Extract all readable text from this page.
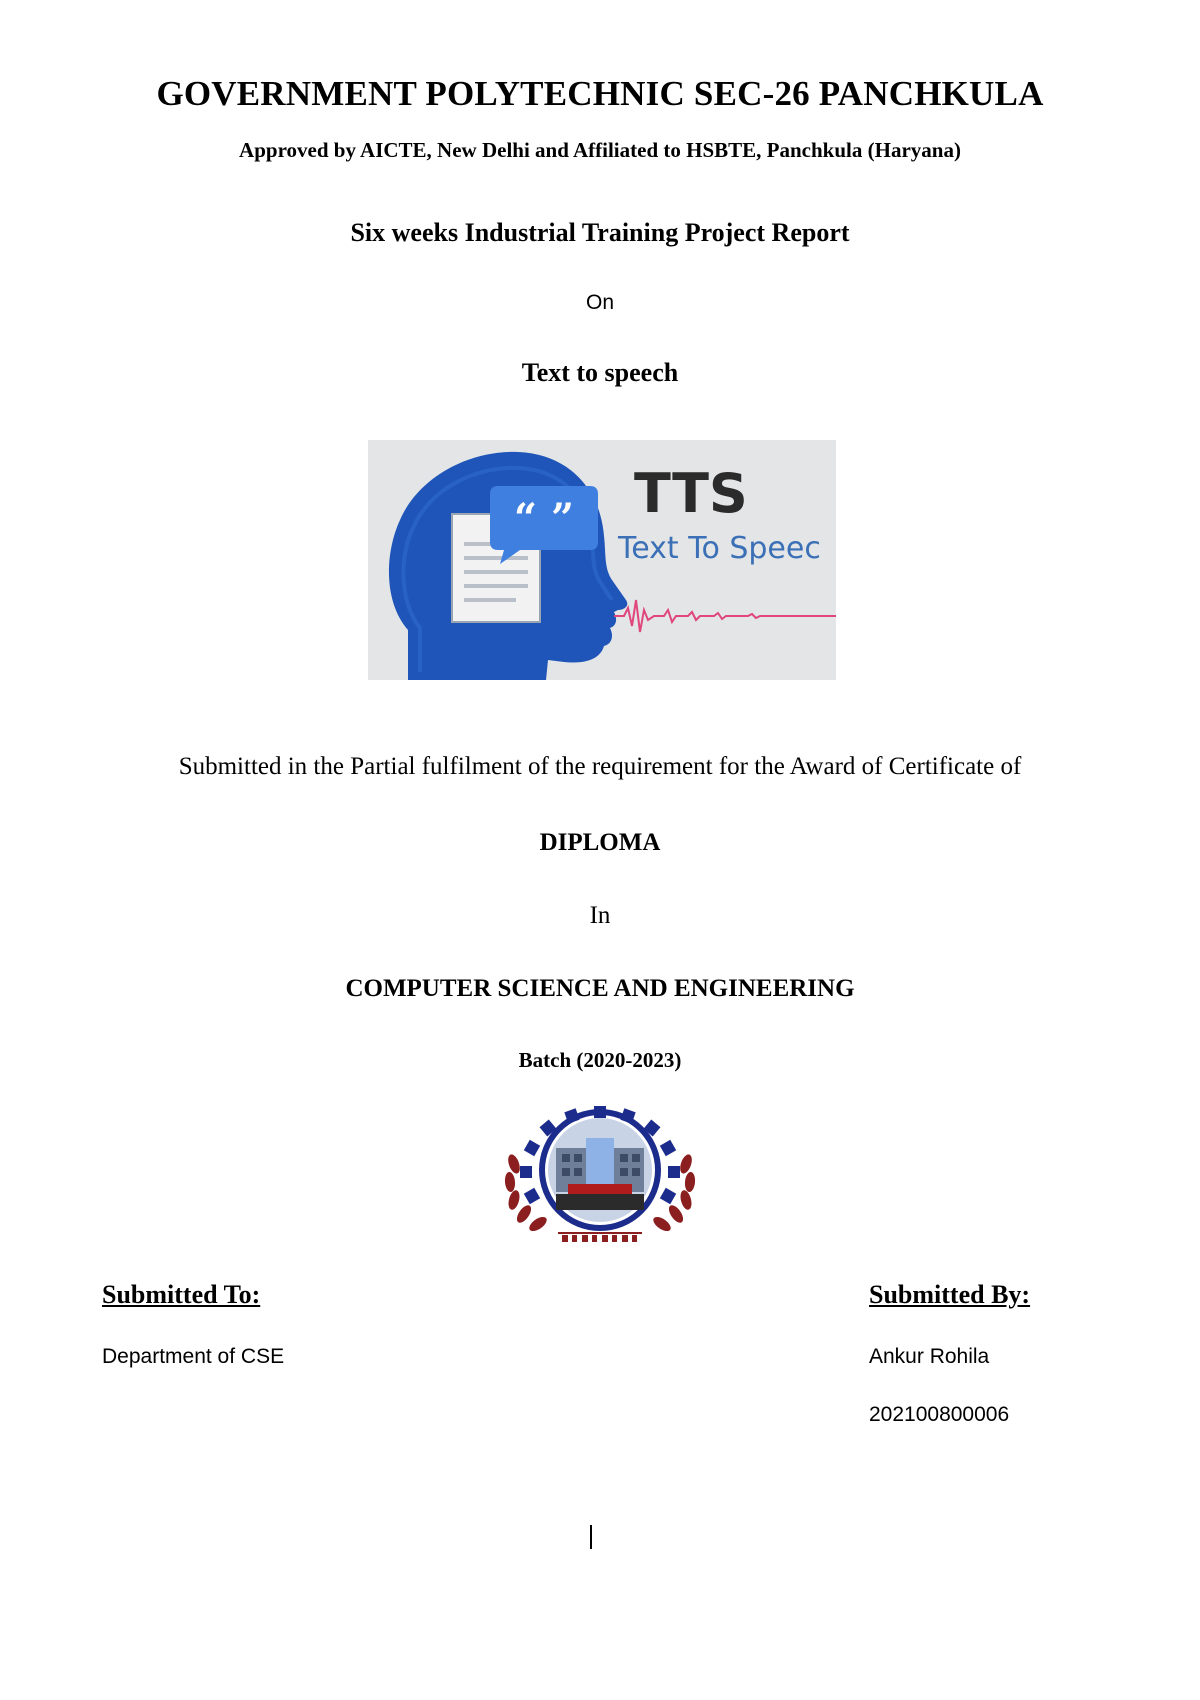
GOVERNMENT POLYTECHNIC SEC-26 PANCHKULA
Approved by AICTE, New Delhi and Affiliated to HSBTE, Panchkula (Haryana)
Six weeks Industrial Training Project Report
On
Text to speech
“ ” TTS
Text To Speec
Submitted in the Partial fulfilment of the requirement for the Award of Certificate of
DIPLOMA
In
COMPUTER SCIENCE AND ENGINEERING
Batch (2020-2023)
Submitted To:
Department of CSE
Submitted By:
Ankur Rohila
202100800006
